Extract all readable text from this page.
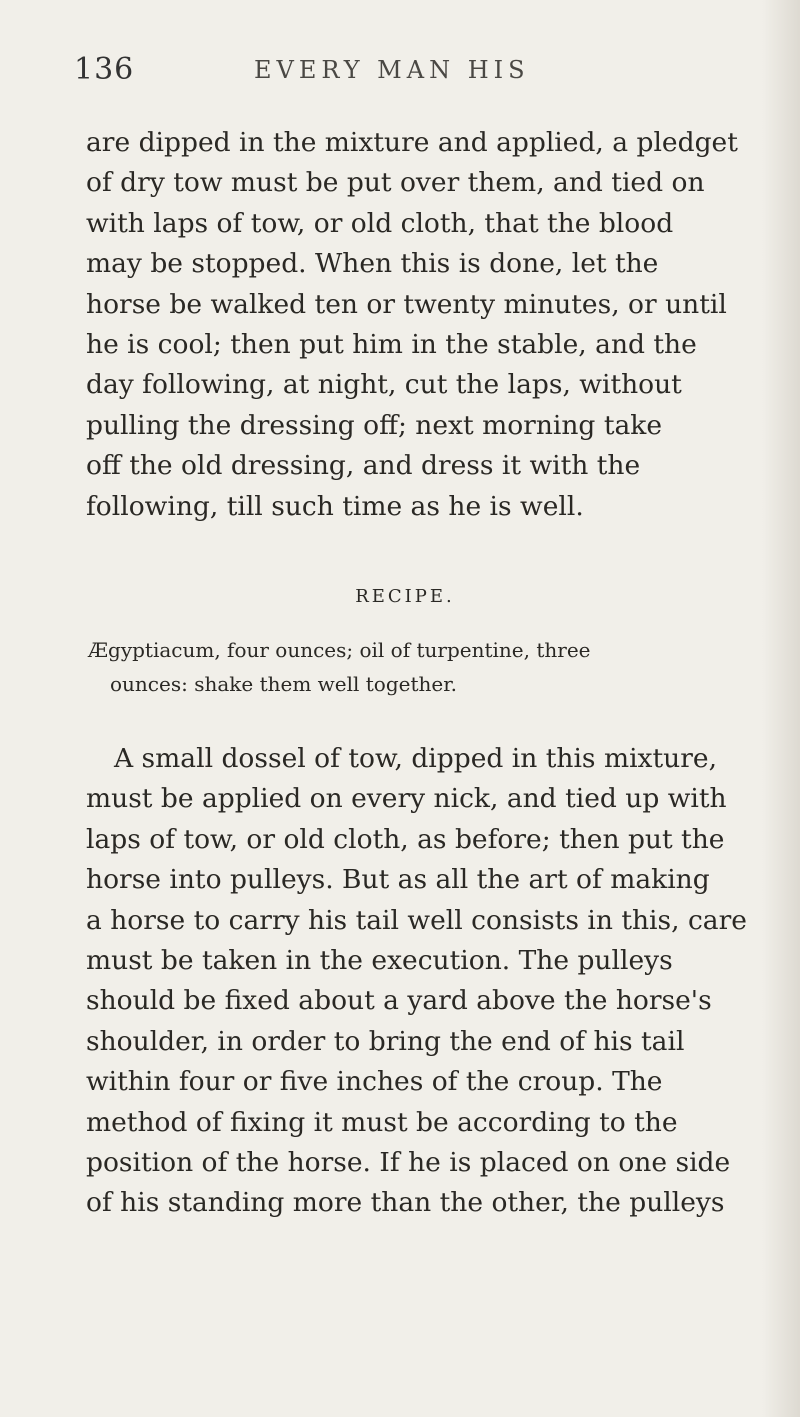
136	EVERY MAN HIS

are dipped in the mixture and applied, a pledget
of dry tow must be put over them, and tied on
with laps of tow, or old cloth, that the blood
may be stopped. When this is done, let the
horse be walked ten or twenty minutes, or until
he is cool; then put him in the stable, and the
day following, at night, cut the laps, without
pulling the dressing off; next morning take
off the old dressing, and dress it with the
following, till such time as he is well.

RECIPE.
Ægyptiacum, four ounces; oil of turpentine, three
ounces: shake them well together.

A small dossel of tow, dipped in this mixture,
must be applied on every nick, and tied up with
laps of tow, or old cloth, as before; then put the
horse into pulleys. But as all the art of making
a horse to carry his tail well consists in this, care
must be taken in the execution. The pulleys
should be fixed about a yard above the horse's
shoulder, in order to bring the end of his tail
within four or five inches of the croup. The
method of fixing it must be according to the
position of the horse. If he is placed on one side
of his standing more than the other, the pulleys
